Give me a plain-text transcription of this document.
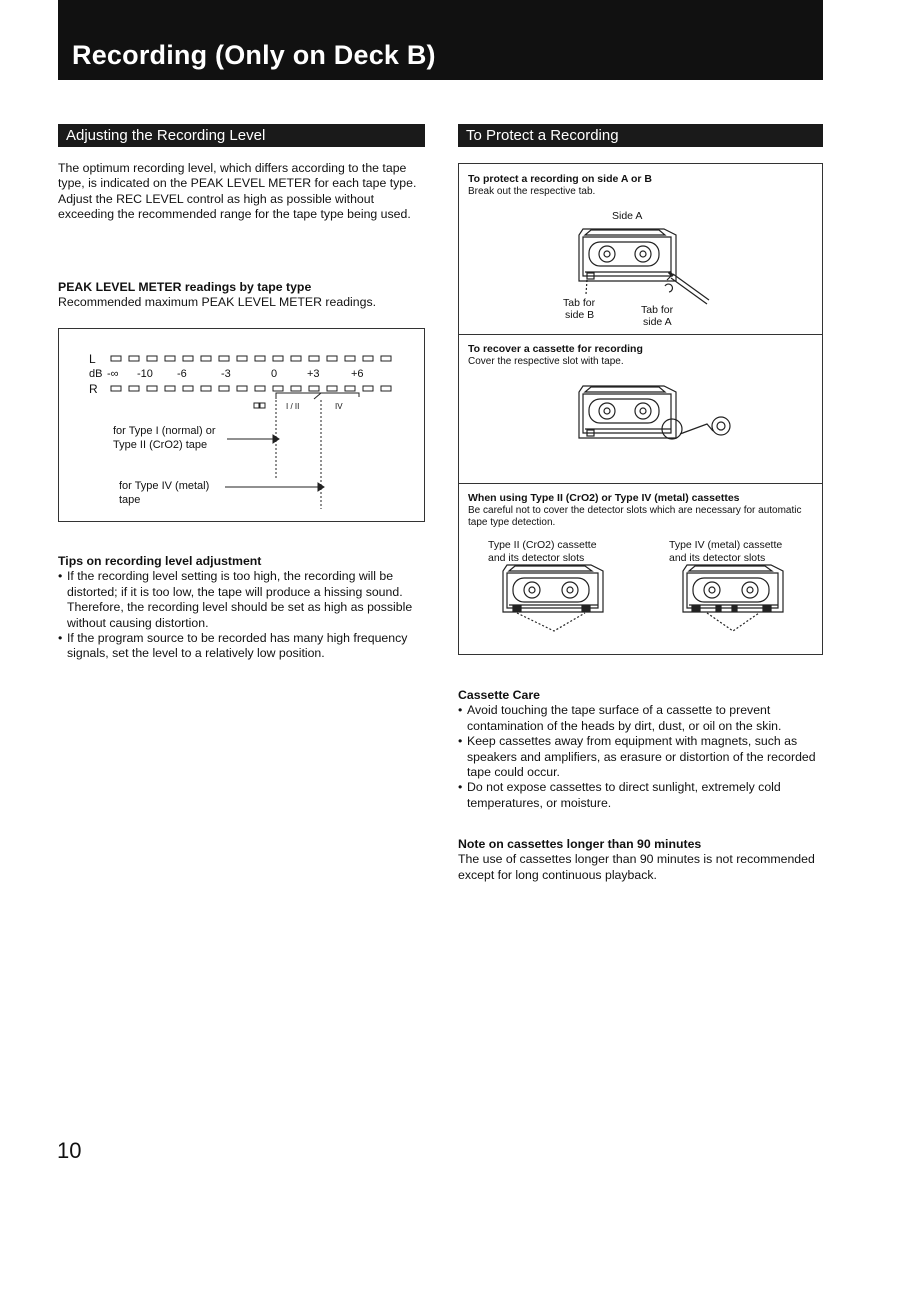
Recording (Only on Deck B)
Adjusting the Recording Level

The optimum recording level, which differs according to the tape type, is indicated on the PEAK LEVEL METER for each tape type.

Adjust the REC LEVEL control as high as possible without exceeding the recommended range for the tape type being used.

PEAK LEVEL METER readings by tape type

Recommended maximum PEAK LEVEL METER readings.

L
dB
R
-∞ -10 -6	-3	0	+3	+6
I / II	IV
for Type I (normal) or
Type II (CrO2) tape
for Type IV (metal)
tape

Tips on recording level adjustment

• If the recording level setting is too high, the recording will be distorted; if it is too low, the tape will produce a hissing sound. Therefore, the recording level should be set as high as possible without causing distortion.
• If the program source to be recorded has many high frequency signals, set the level to a relatively low position.
To Protect a Recording
To protect a recording on side A or B
Break out the respective tab.
Side A
Tab for
side B	Tab for
side A
To recover a cassette for recording
Cover the respective slot with tape.
When using Type II (CrO2) or Type IV (metal) cassettes
Be careful not to cover the detector slots which are necessary for automatic tape type detection.
Type II (CrO2) cassette
and its detector slots
Type IV (metal) cassette
and its detector slots

Cassette Care

• Avoid touching the tape surface of a cassette to prevent contamination of the heads by dirt, dust, or oil on the skin.
• Keep cassettes away from equipment with magnets, such as speakers and amplifiers, as erasure or distortion of the recorded tape could occur.
• Do not expose cassettes to direct sunlight, extremely cold temperatures, or moisture.

Note on cassettes longer than 90 minutes

The use of cassettes longer than 90 minutes is not recommended except for long continuous playback.

10
